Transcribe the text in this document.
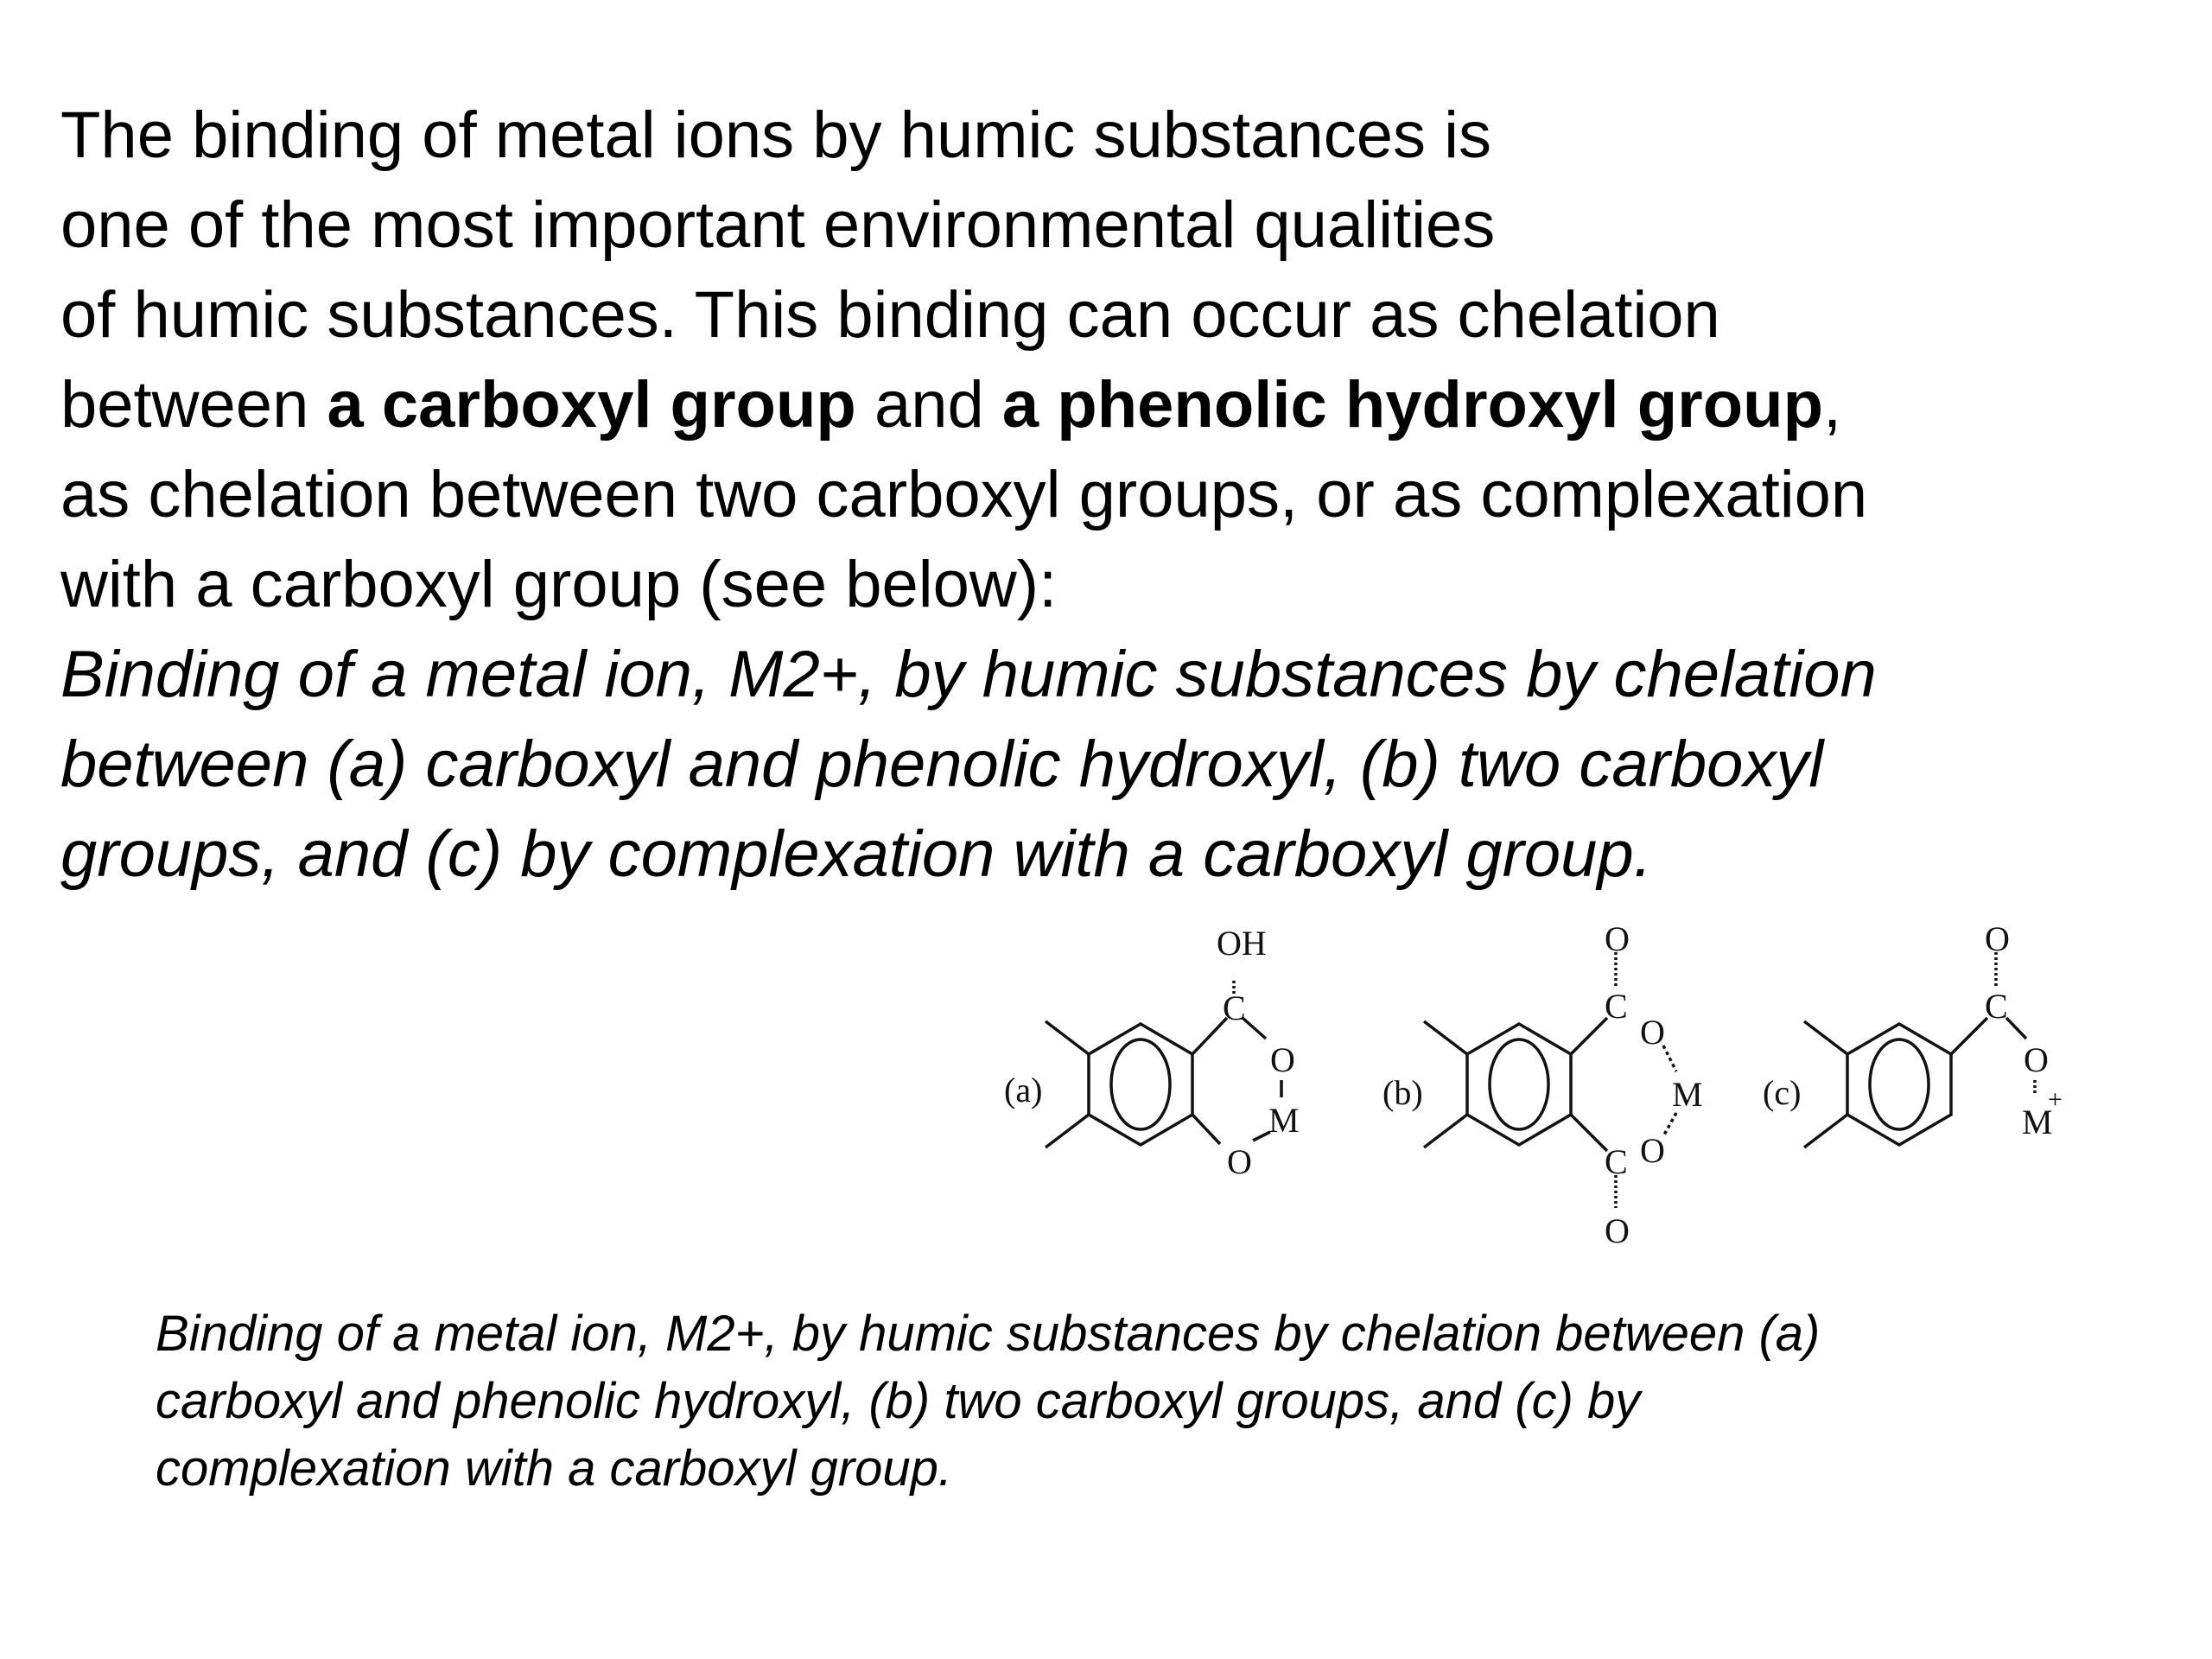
The binding of metal ions by humic substances is
one of the most important environmental qualities
of humic substances. This binding can occur as chelation
between a carboxyl group and a phenolic hydroxyl group,
as chelation between two carboxyl groups, or as complexation
with a carboxyl group (see below):
Binding of a metal ion, M2+, by humic substances by chelation
between (a) carboxyl and phenolic hydroxyl, (b) two carboxyl
groups, and (c) by complexation with a carboxyl group.
(a)
OH
C
O
M
O
(b)
O
C
O
M
C O
O
(c)
O
C
O
M
+
Binding of a metal ion, M2+, by humic substances by chelation between (a)
carboxyl and phenolic hydroxyl, (b) two carboxyl groups, and (c) by
complexation with a carboxyl group.
